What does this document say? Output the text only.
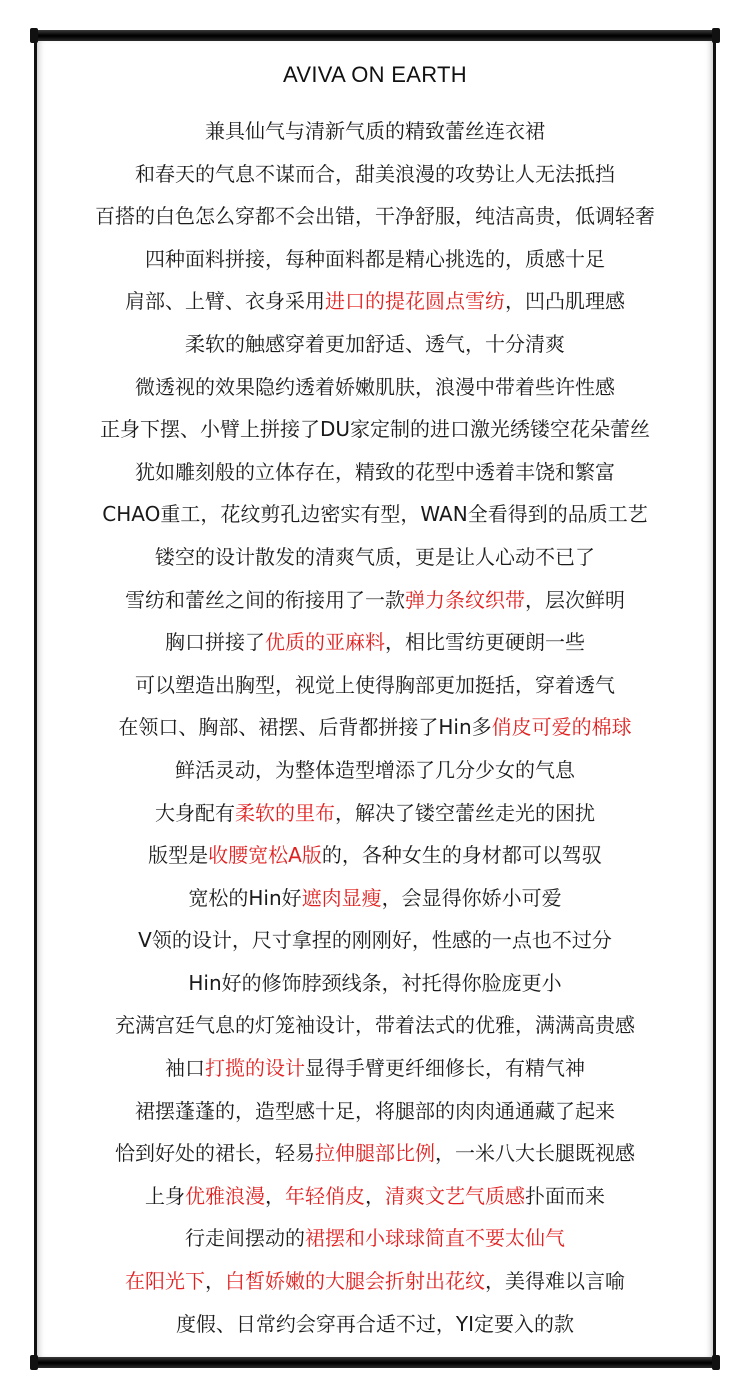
AVIVA ON EARTH
兼具仙气与清新气质的精致蕾丝连衣裙
和春天的气息不谋而合，甜美浪漫的攻势让人无法抵挡
百搭的白色怎么穿都不会出错，干净舒服，纯洁高贵，低调轻奢
四种面料拼接，每种面料都是精心挑选的，质感十足
肩部、上臂、衣身采用进口的提花圆点雪纺，凹凸肌理感
柔软的触感穿着更加舒适、透气，十分清爽
微透视的效果隐约透着娇嫩肌肤，浪漫中带着些许性感
正身下摆、小臂上拼接了DU家定制的进口激光绣镂空花朵蕾丝
犹如雕刻般的立体存在，精致的花型中透着丰饶和繁富
CHAO重工，花纹剪孔边密实有型，WAN全看得到的品质工艺
镂空的设计散发的清爽气质，更是让人心动不已了
雪纺和蕾丝之间的衔接用了一款弹力条纹织带，层次鲜明
胸口拼接了优质的亚麻料，相比雪纺更硬朗一些
可以塑造出胸型，视觉上使得胸部更加挺括，穿着透气
在领口、胸部、裙摆、后背都拼接了Hin多俏皮可爱的棉球
鲜活灵动，为整体造型增添了几分少女的气息
大身配有柔软的里布，解决了镂空蕾丝走光的困扰
版型是收腰宽松A版的，各种女生的身材都可以驾驭
宽松的Hin好遮肉显瘦，会显得你娇小可爱
V领的设计，尺寸拿捏的刚刚好，性感的一点也不过分
Hin好的修饰脖颈线条，衬托得你脸庞更小
充满宫廷气息的灯笼袖设计，带着法式的优雅，满满高贵感
袖口打揽的设计显得手臂更纤细修长，有精气神
裙摆蓬蓬的，造型感十足，将腿部的肉肉通通藏了起来
恰到好处的裙长，轻易拉伸腿部比例，一米八大长腿既视感
上身优雅浪漫，年轻俏皮，清爽文艺气质感扑面而来
行走间摆动的裙摆和小球球简直不要太仙气
在阳光下，白皙娇嫩的大腿会折射出花纹，美得难以言喻
度假、日常约会穿再合适不过，YI定要入的款
